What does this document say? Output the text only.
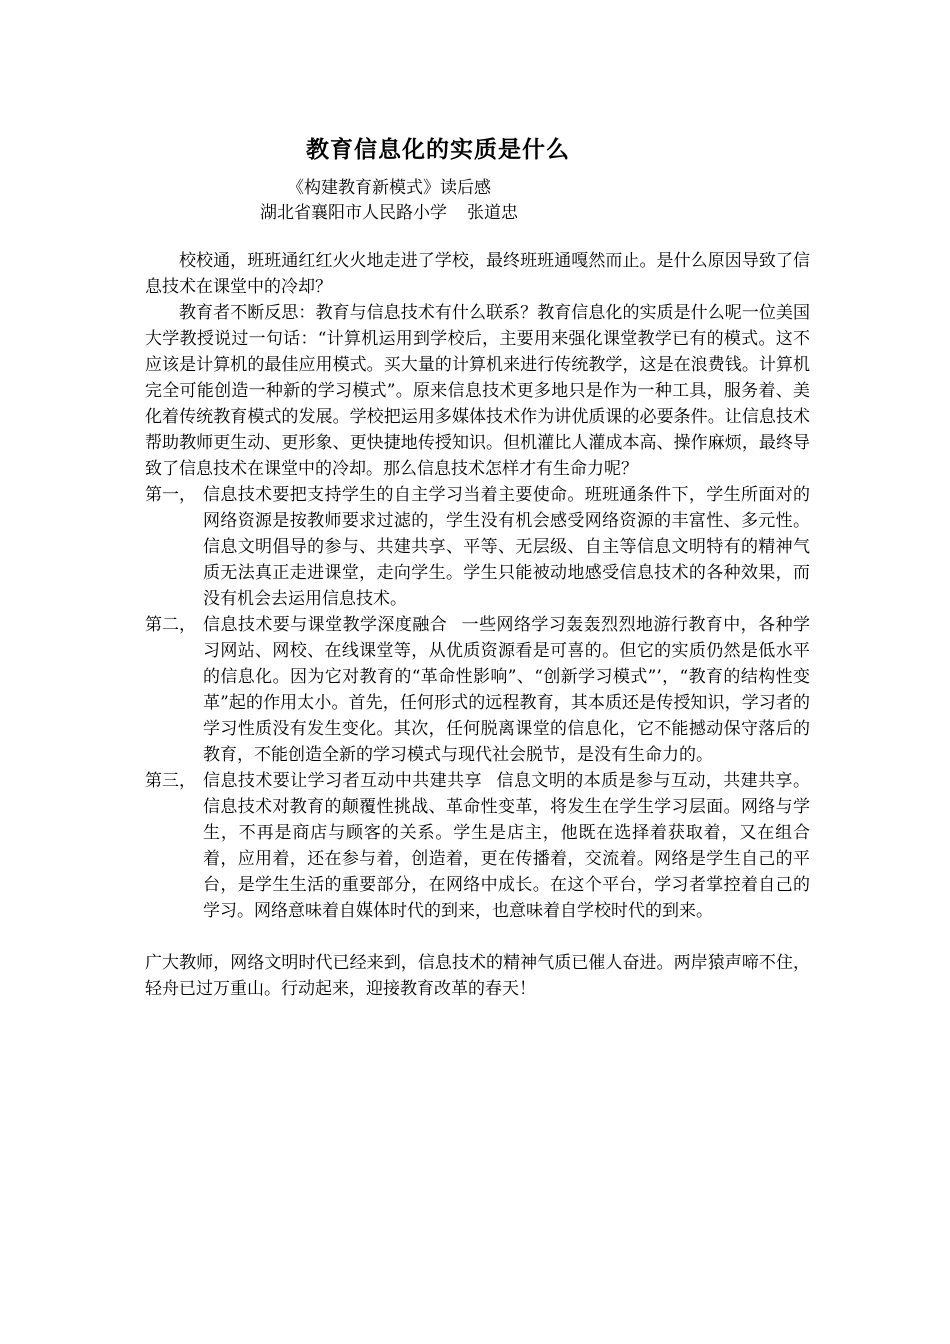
教育信息化的实质是什么
《构建教育新模式》读后感
湖北省襄阳市人民路小学 张道忠

校校通，班班通红红火火地走进了学校，最终班班通嘎然而止。是什么原因导致了信息技术在课堂中的冷却？

教育者不断反思：教育与信息技术有什么联系？教育信息化的实质是什么呢一位美国大学教授说过一句话：“计算机运用到学校后，主要用来强化课堂教学已有的模式。这不应该是计算机的最佳应用模式。买大量的计算机来进行传统教学，这是在浪费钱。计算机完全可能创造一种新的学习模式”。原来信息技术更多地只是作为一种工具，服务着、美化着传统教育模式的发展。学校把运用多媒体技术作为讲优质课的必要条件。让信息技术帮助教师更生动、更形象、更快捷地传授知识。但机灌比人灌成本高、操作麻烦，最终导致了信息技术在课堂中的冷却。那么信息技术怎样才有生命力呢？

第一， 信息技术要把支持学生的自主学习当着主要使命。班班通条件下，学生所面对的网络资源是按教师要求过滤的，学生没有机会感受网络资源的丰富性、多元性。信息文明倡导的参与、共建共享、平等、无层级、自主等信息文明特有的精神气质无法真正走进课堂，走向学生。学生只能被动地感受信息技术的各种效果，而没有机会去运用信息技术。
第二， 信息技术要与课堂教学深度融合 一些网络学习轰轰烈烈地游行教育中，各种学习网站、网校、在线课堂等，从优质资源看是可喜的。但它的实质仍然是低水平的信息化。因为它对教育的“革命性影响”、“创新学习模式”’，“教育的结构性变革”起的作用太小。首先，任何形式的远程教育，其本质还是传授知识，学习者的学习性质没有发生变化。其次，任何脱离课堂的信息化，它不能撼动保守落后的教育，不能创造全新的学习模式与现代社会脱节，是没有生命力的。
第三， 信息技术要让学习者互动中共建共享 信息文明的本质是参与互动，共建共享。信息技术对教育的颠覆性挑战、革命性变革，将发生在学生学习层面。网络与学生，不再是商店与顾客的关系。学生是店主，他既在选择着获取着，又在组合着，应用着，还在参与着，创造着，更在传播着，交流着。网络是学生自己的平台，是学生生活的重要部分，在网络中成长。在这个平台，学习者掌控着自己的学习。网络意味着自媒体时代的到来，也意味着自学校时代的到来。

广大教师，网络文明时代已经来到，信息技术的精神气质已催人奋进。两岸猿声啼不住，轻舟已过万重山。行动起来，迎接教育改革的春天！
